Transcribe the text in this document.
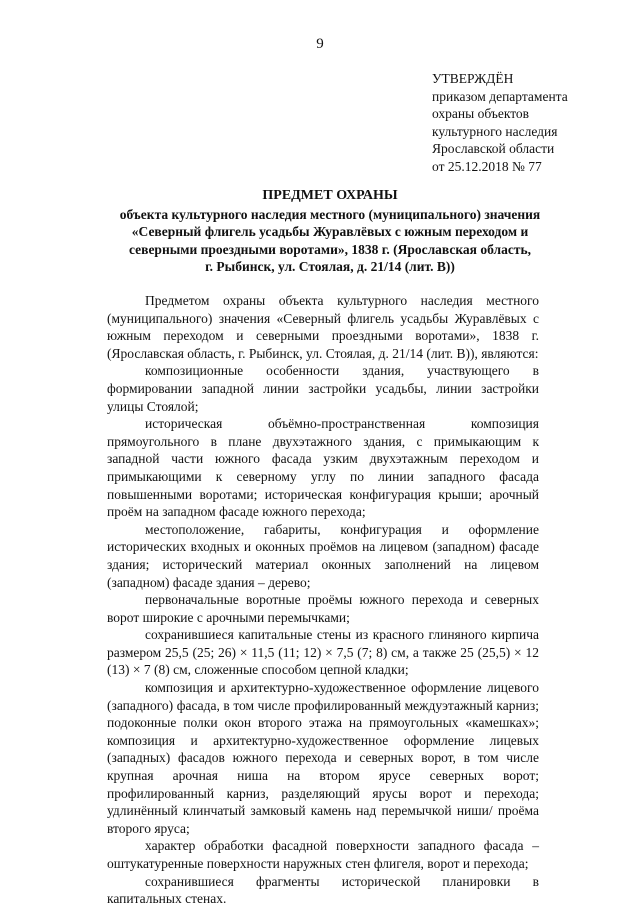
9
УТВЕРЖДЁН
приказом департамента
охраны объектов
культурного наследия
Ярославской области
от 25.12.2018 № 77
ПРЕДМЕТ ОХРАНЫ
объекта культурного наследия местного (муниципального) значения
«Северный флигель усадьбы Журавлёвых с южным переходом и
северными проездными воротами», 1838 г. (Ярославская область,
г. Рыбинск, ул. Стоялая, д. 21/14 (лит. В))

Предметом охраны объекта культурного наследия местного (муниципального) значения «Северный флигель усадьбы Журавлёвых с южным переходом и северными проездными воротами», 1838 г. (Ярославская область, г. Рыбинск, ул. Стоялая, д. 21/14 (лит. В)), являются:

композиционные особенности здания, участвующего в формировании западной линии застройки усадьбы, линии застройки улицы Стоялой;

историческая объёмно-пространственная композиция прямоугольного в плане двухэтажного здания, с примыкающим к западной части южного фасада узким двухэтажным переходом и примыкающими к северному углу по линии западного фасада повышенными воротами; историческая конфигурация крыши; арочный проём на западном фасаде южного перехода;

местоположение, габариты, конфигурация и оформление исторических входных и оконных проёмов на лицевом (западном) фасаде здания; исторический материал оконных заполнений на лицевом (западном) фасаде здания – дерево;

первоначальные воротные проёмы южного перехода и северных ворот широкие с арочными перемычками;

сохранившиеся капитальные стены из красного глиняного кирпича размером 25,5 (25; 26) × 11,5 (11; 12) × 7,5 (7; 8) см, а также 25 (25,5) × 12 (13) × 7 (8) см, сложенные способом цепной кладки;

композиция и архитектурно-художественное оформление лицевого (западного) фасада, в том числе профилированный междуэтажный карниз; подоконные полки окон второго этажа на прямоугольных «камешках»; композиция и архитектурно-художественное оформление лицевых (западных) фасадов южного перехода и северных ворот, в том числе крупная арочная ниша на втором ярусе северных ворот; профилированный карниз, разделяющий ярусы ворот и перехода; удлинённый клинчатый замковый камень над перемычкой ниши/ проёма второго яруса;

характер обработки фасадной поверхности западного фасада – оштукатуренные поверхности наружных стен флигеля, ворот и перехода;

сохранившиеся фрагменты исторической планировки в капитальных стенах.
